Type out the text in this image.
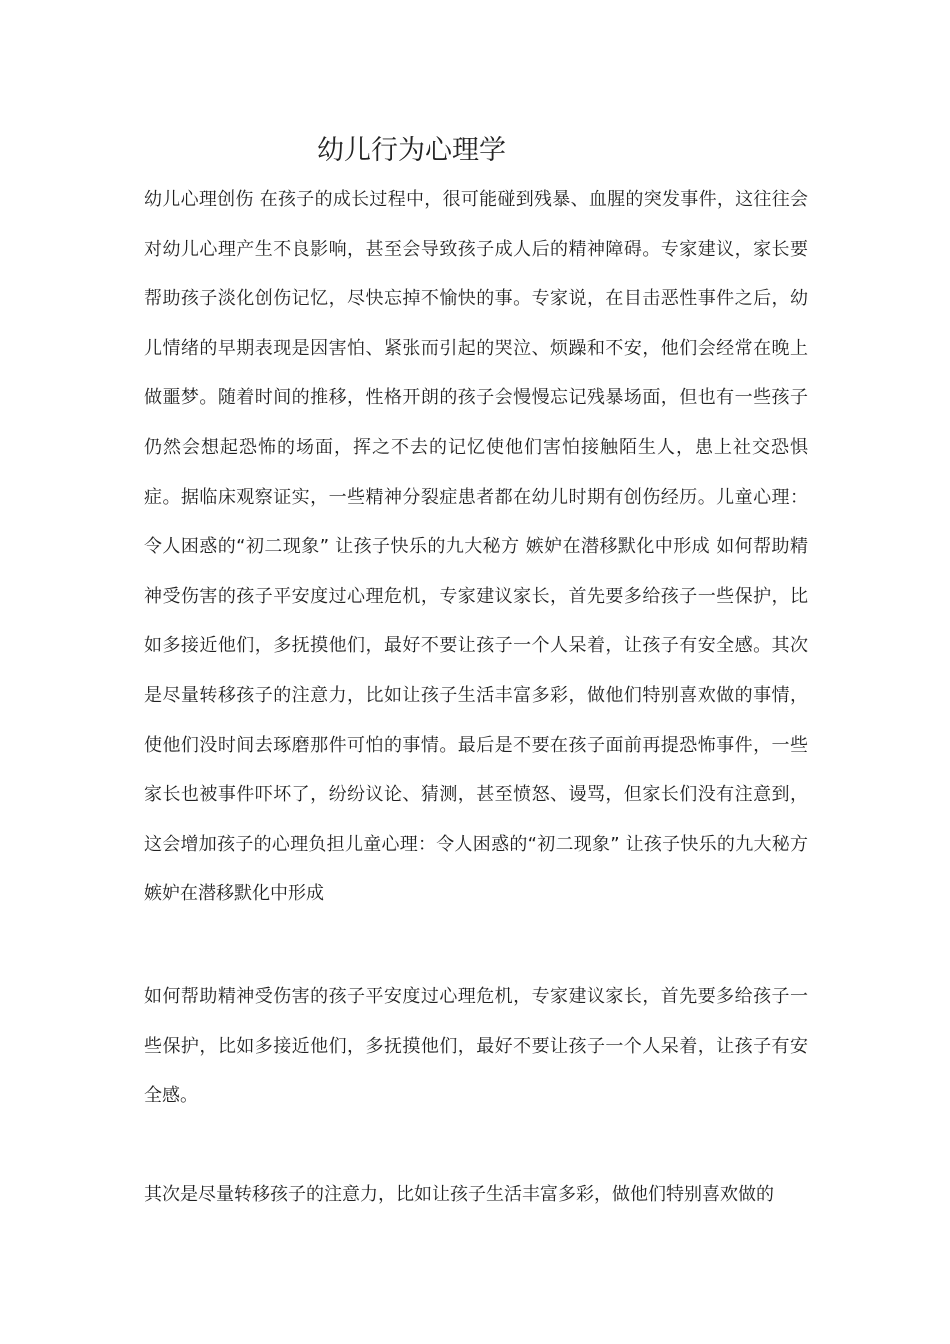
幼儿行为心理学

幼儿心理创伤 在孩子的成长过程中，很可能碰到残暴、血腥的突发事件，这往往会对幼儿心理产生不良影响，甚至会导致孩子成人后的精神障碍。专家建议，家长要帮助孩子淡化创伤记忆，尽快忘掉不愉快的事。专家说，在目击恶性事件之后，幼儿情绪的早期表现是因害怕、紧张而引起的哭泣、烦躁和不安，他们会经常在晚上做噩梦。随着时间的推移，性格开朗的孩子会慢慢忘记残暴场面，但也有一些孩子仍然会想起恐怖的场面，挥之不去的记忆使他们害怕接触陌生人，患上社交恐惧症。据临床观察证实，一些精神分裂症患者都在幼儿时期有创伤经历。儿童心理：令人困惑的“初二现象” 让孩子快乐的九大秘方 嫉妒在潜移默化中形成 如何帮助精神受伤害的孩子平安度过心理危机，专家建议家长，首先要多给孩子一些保护，比如多接近他们，多抚摸他们，最好不要让孩子一个人呆着，让孩子有安全感。其次是尽量转移孩子的注意力，比如让孩子生活丰富多彩，做他们特别喜欢做的事情，使他们没时间去琢磨那件可怕的事情。最后是不要在孩子面前再提恐怖事件，一些家长也被事件吓坏了，纷纷议论、猜测，甚至愤怒、谩骂，但家长们没有注意到，这会增加孩子的心理负担儿童心理：令人困惑的“初二现象” 让孩子快乐的九大秘方 嫉妒在潜移默化中形成

如何帮助精神受伤害的孩子平安度过心理危机，专家建议家长，首先要多给孩子一些保护，比如多接近他们，多抚摸他们，最好不要让孩子一个人呆着，让孩子有安全感。

其次是尽量转移孩子的注意力，比如让孩子生活丰富多彩，做他们特别喜欢做的
